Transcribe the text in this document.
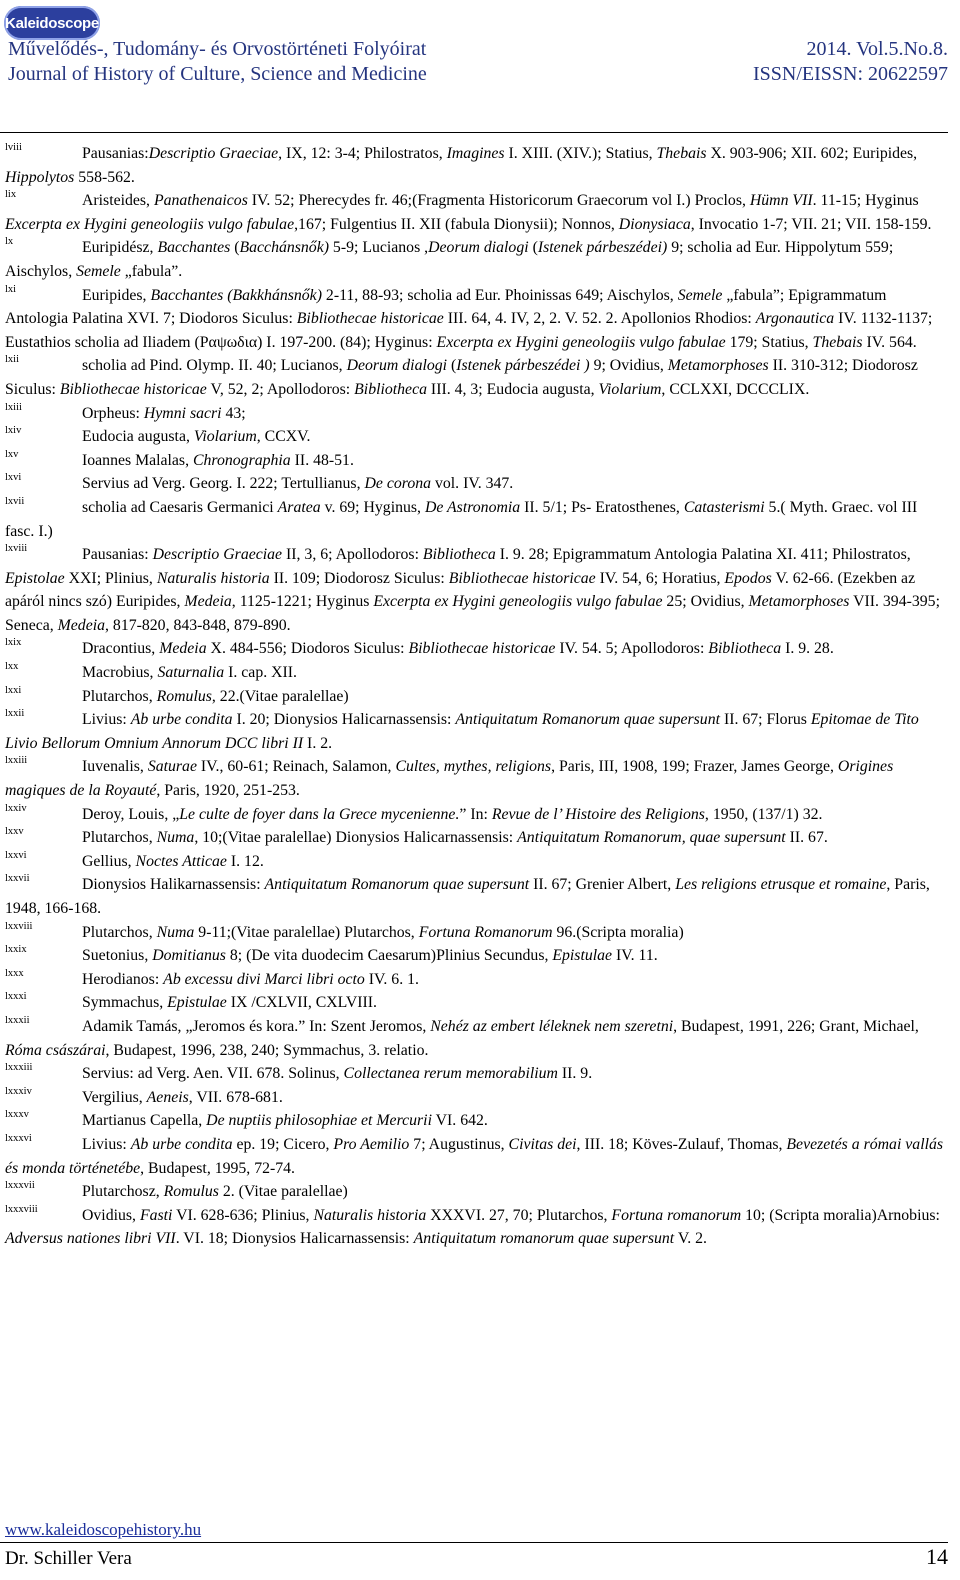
Kaleidoscope
Művelődés-, Tudomány- és Orvostörténeti Folyóirat
Journal of History of Culture, Science and Medicine
2014. Vol.5.No.8.
ISSN/EISSN: 20622597

lviii	Pausanias:Descriptio Graeciae, IX, 12: 3-4; Philostratos, Imagines I. XIII. (XIV.); Statius, Thebais X. 903-906; XII. 602; Euripides, Hippolytos 558-562.

lix	Aristeides, Panathenaicos IV. 52; Pherecydes fr. 46;(Fragmenta Historicorum Graecorum vol I.) Proclos, Hümn VII. 11-15; Hyginus Excerpta ex Hygini geneologiis vulgo fabulae,167; Fulgentius II. XII (fabula Dionysii); Nonnos, Dionysiaca, Invocatio 1-7; VII. 21; VII. 158-159.

lx	Euripidész, Bacchantes (Bacchánsnők) 5-9; Lucianos ,Deorum dialogi (Istenek párbeszédei) 9; scholia ad Eur. Hippolytum 559; Aischylos, Semele „fabula”.

lxi	Euripides, Bacchantes (Bakkhánsnők) 2-11, 88-93; scholia ad Eur. Phoinissas 649; Aischylos, Semele „fabula”; Epigrammatum Antologia Palatina XVI. 7; Diodoros Siculus: Bibliothecae historicae III. 64, 4. IV, 2, 2. V. 52. 2. Apollonios Rhodios: Argonautica IV. 1132-1137; Eustathios scholia ad Iliadem (Ραψωδια) I. 197-200. (84); Hyginus: Excerpta ex Hygini geneologiis vulgo fabulae 179; Statius, Thebais IV. 564.

lxii	scholia ad Pind. Olymp. II. 40; Lucianos, Deorum dialogi (Istenek párbeszédei ) 9; Ovidius, Metamorphoses II. 310-312; Diodorosz Siculus: Bibliothecae historicae V, 52, 2; Apollodoros: Bibliotheca III. 4, 3; Eudocia augusta, Violarium, CCLXXI, DCCCLIX.

lxiii	Orpheus: Hymni sacri 43;

lxiv	Eudocia augusta, Violarium, CCXV.

lxv	Ioannes Malalas, Chronographia II. 48-51.

lxvi	Servius ad Verg. Georg. I. 222; Tertullianus, De corona vol. IV. 347.

lxvii	scholia ad Caesaris Germanici Aratea v. 69; Hyginus, De Astronomia II. 5/1; Ps- Eratosthenes, Catasterismi 5.( Myth. Graec. vol III fasc. I.)

lxviii	Pausanias: Descriptio Graeciae II, 3, 6; Apollodoros: Bibliotheca I. 9. 28; Epigrammatum Antologia Palatina XI. 411; Philostratos, Epistolae XXI; Plinius, Naturalis historia II. 109; Diodorosz Siculus: Bibliothecae historicae IV. 54, 6; Horatius, Epodos V. 62-66. (Ezekben az apáról nincs szó) Euripides, Medeia, 1125-1221; Hyginus Excerpta ex Hygini geneologiis vulgo fabulae 25; Ovidius, Metamorphoses VII. 394-395; Seneca, Medeia, 817-820, 843-848, 879-890.

lxix	Dracontius, Medeia X. 484-556; Diodoros Siculus: Bibliothecae historicae IV. 54. 5; Apollodoros: Bibliotheca I. 9. 28.

lxx	Macrobius, Saturnalia I. cap. XII.

lxxi	Plutarchos, Romulus, 22.(Vitae paralellae)

lxxii	Livius: Ab urbe condita I. 20; Dionysios Halicarnassensis: Antiquitatum Romanorum quae supersunt II. 67; Florus Epitomae de Tito Livio Bellorum Omnium Annorum DCC libri II I. 2.

lxxiii	Iuvenalis, Saturae IV., 60-61; Reinach, Salamon, Cultes, mythes, religions, Paris, III, 1908, 199; Frazer, James George, Origines magiques de la Royauté, Paris, 1920, 251-253.

lxxiv	Deroy, Louis, „Le culte de foyer dans la Grece mycenienne.” In: Revue de l’ Histoire des Religions, 1950, (137/1) 32.

lxxv	Plutarchos, Numa, 10;(Vitae paralellae) Dionysios Halicarnassensis: Antiquitatum Romanorum, quae supersunt II. 67.

lxxvi	Gellius, Noctes Atticae I. 12.

lxxvii	Dionysios Halikarnassensis: Antiquitatum Romanorum quae supersunt II. 67; Grenier Albert, Les religions etrusque et romaine, Paris, 1948, 166-168.

lxxviii	Plutarchos, Numa 9-11;(Vitae paralellae) Plutarchos, Fortuna Romanorum 96.(Scripta moralia)

lxxix	Suetonius, Domitianus 8; (De vita duodecim Caesarum)Plinius Secundus, Epistulae IV. 11.

lxxx	Herodianos: Ab excessu divi Marci libri octo IV. 6. 1.

lxxxi	Symmachus, Epistulae IX /CXLVII, CXLVIII.

lxxxii	Adamik Tamás, „Jeromos és kora.” In: Szent Jeromos, Nehéz az embert léleknek nem szeretni, Budapest, 1991, 226; Grant, Michael, Róma császárai, Budapest, 1996, 238, 240; Symmachus, 3. relatio.

lxxxiii	Servius: ad Verg. Aen. VII. 678. Solinus, Collectanea rerum memorabilium II. 9.

lxxxiv	Vergilius, Aeneis, VII. 678-681.

lxxxv	Martianus Capella, De nuptiis philosophiae et Mercurii VI. 642.

lxxxvi	Livius: Ab urbe condita ep. 19; Cicero, Pro Aemilio 7; Augustinus, Civitas dei, III. 18; Köves-Zulauf, Thomas, Bevezetés a római vallás és monda történetébe, Budapest, 1995, 72-74.

lxxxvii	Plutarchosz, Romulus 2. (Vitae paralellae)

lxxxviii	Ovidius, Fasti VI. 628-636; Plinius, Naturalis historia XXXVI. 27, 70; Plutarchos, Fortuna romanorum 10; (Scripta moralia)Arnobius: Adversus nationes libri VII. VI. 18; Dionysios Halicarnassensis: Antiquitatum romanorum quae supersunt V. 2.

www.kaleidoscopehistory.hu
Dr. Schiller Vera	14
